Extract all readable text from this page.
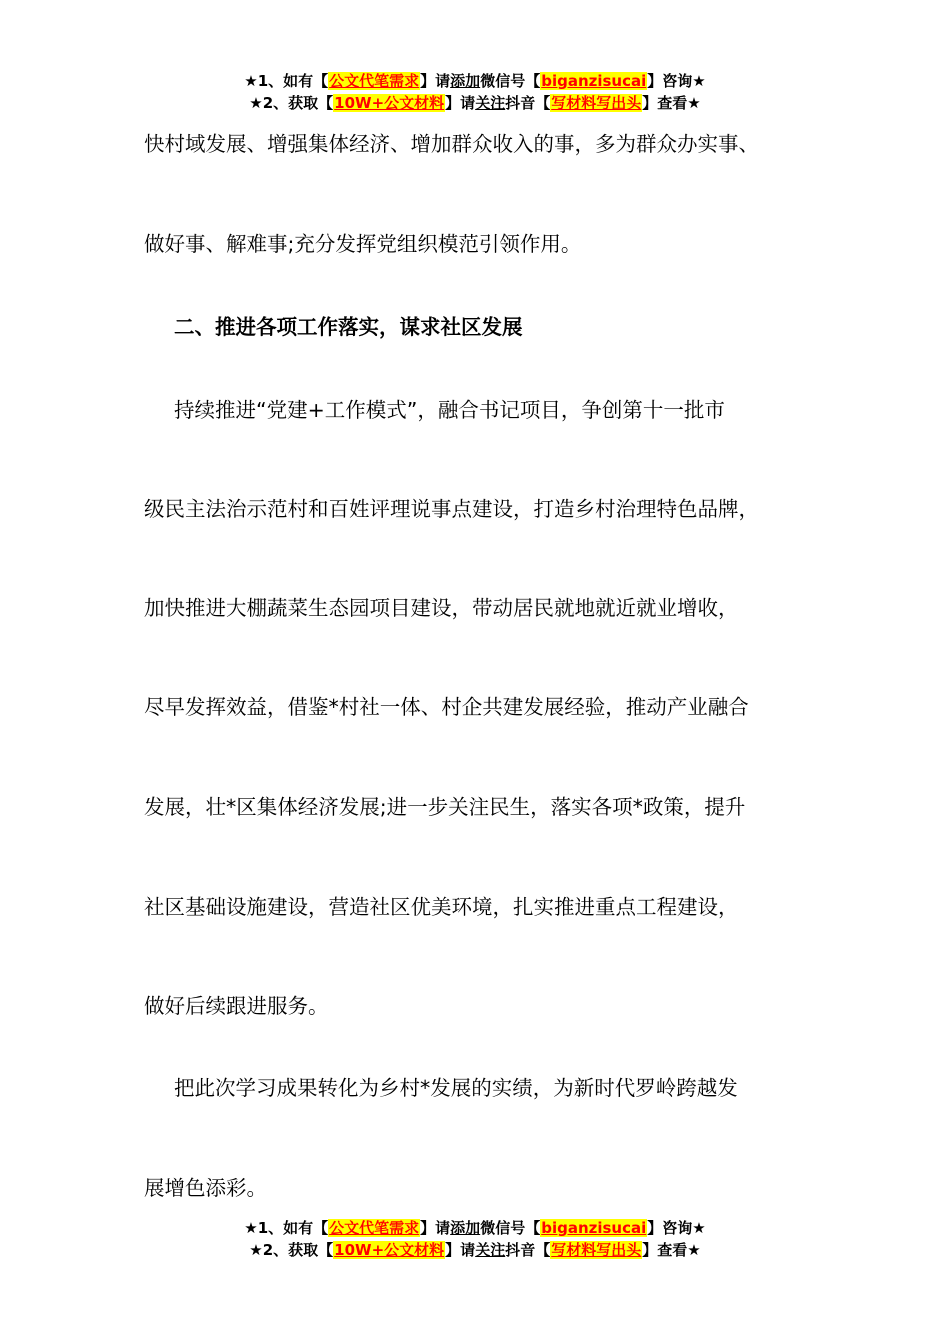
★1、如有【公文代笔需求】请添加微信号【biganzisucai】咨询★
★2、获取【10W+公文材料】请关注抖音【写材料写出头】查看★
快村域发展、增强集体经济、增加群众收入的事，多为群众办实事、
做好事、解难事;充分发挥党组织模范引领作用。
二、推进各项工作落实，谋求社区发展
持续推进“党建+工作模式”，融合书记项目，争创第十一批市
级民主法治示范村和百姓评理说事点建设，打造乡村治理特色品牌，
加快推进大棚蔬菜生态园项目建设，带动居民就地就近就业增收，
尽早发挥效益，借鉴*村社一体、村企共建发展经验，推动产业融合
发展，壮*区集体经济发展;进一步关注民生，落实各项*政策，提升
社区基础设施建设，营造社区优美环境，扎实推进重点工程建设，
做好后续跟进服务。
把此次学习成果转化为乡村*发展的实绩，为新时代罗岭跨越发
展增色添彩。
★1、如有【公文代笔需求】请添加微信号【biganzisucai】咨询★
★2、获取【10W+公文材料】请关注抖音【写材料写出头】查看★
